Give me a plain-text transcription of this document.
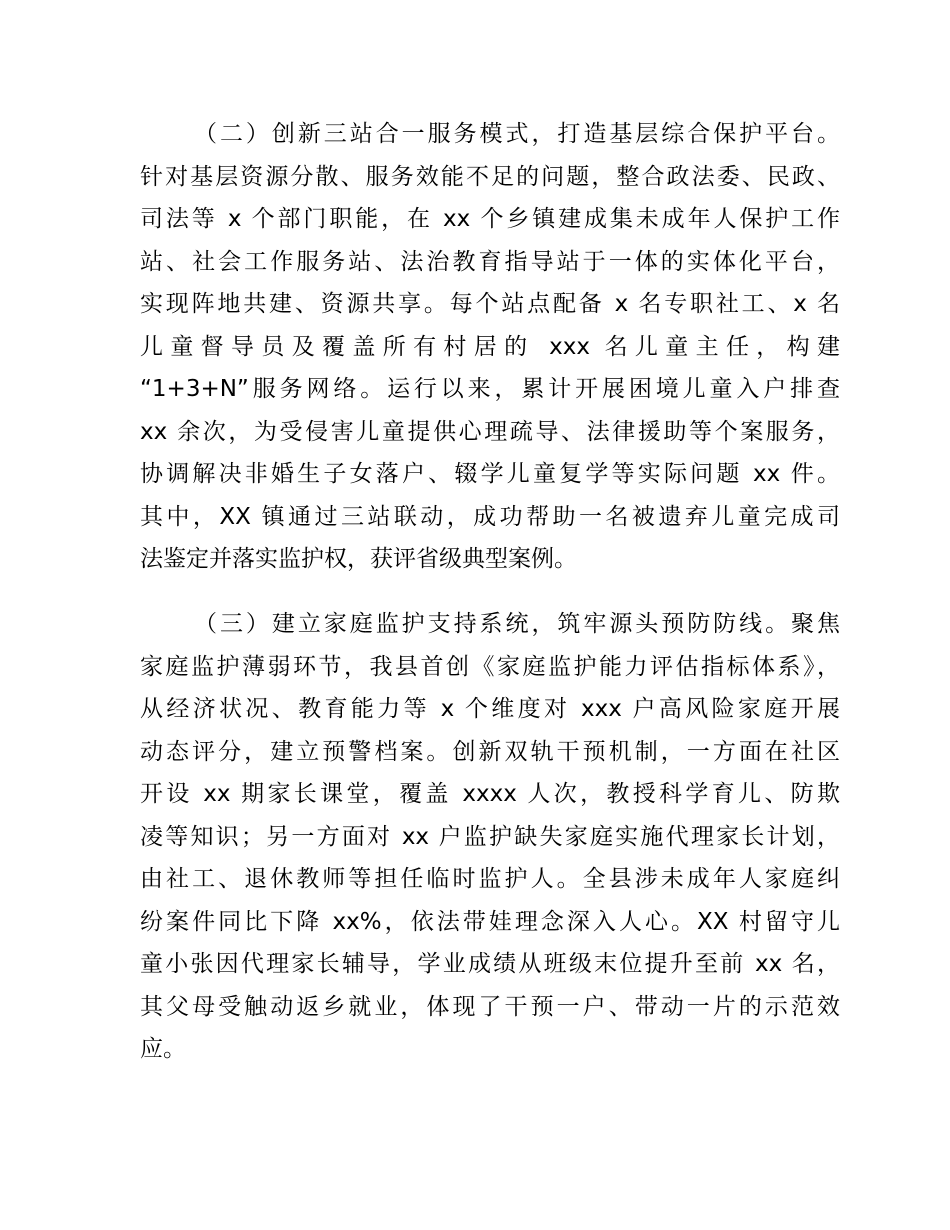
（二）创新三站合一服务模式，打造基层综合保护平台。
针对基层资源分散、服务效能不足的问题，整合政法委、民政、
司法等 x 个部门职能，在 xx 个乡镇建成集未成年人保护工作
站、社会工作服务站、法治教育指导站于一体的实体化平台，
实现阵地共建、资源共享。每个站点配备 x 名专职社工、x 名
儿童督导员及覆盖所有村居的 xxx 名儿童主任，构建
“1+3+N”服务网络。运行以来，累计开展困境儿童入户排查
xx 余次，为受侵害儿童提供心理疏导、法律援助等个案服务，
协调解决非婚生子女落户、辍学儿童复学等实际问题 xx 件。
其中，XX 镇通过三站联动，成功帮助一名被遗弃儿童完成司
法鉴定并落实监护权，获评省级典型案例。
（三）建立家庭监护支持系统，筑牢源头预防防线。聚焦
家庭监护薄弱环节，我县首创《家庭监护能力评估指标体系》，
从经济状况、教育能力等 x 个维度对 xxx 户高风险家庭开展
动态评分，建立预警档案。创新双轨干预机制，一方面在社区
开设 xx 期家长课堂，覆盖 xxxx 人次，教授科学育儿、防欺
凌等知识；另一方面对 xx 户监护缺失家庭实施代理家长计划，
由社工、退休教师等担任临时监护人。全县涉未成年人家庭纠
纷案件同比下降 xx%，依法带娃理念深入人心。XX 村留守儿
童小张因代理家长辅导，学业成绩从班级末位提升至前 xx 名，
其父母受触动返乡就业，体现了干预一户、带动一片的示范效
应。
